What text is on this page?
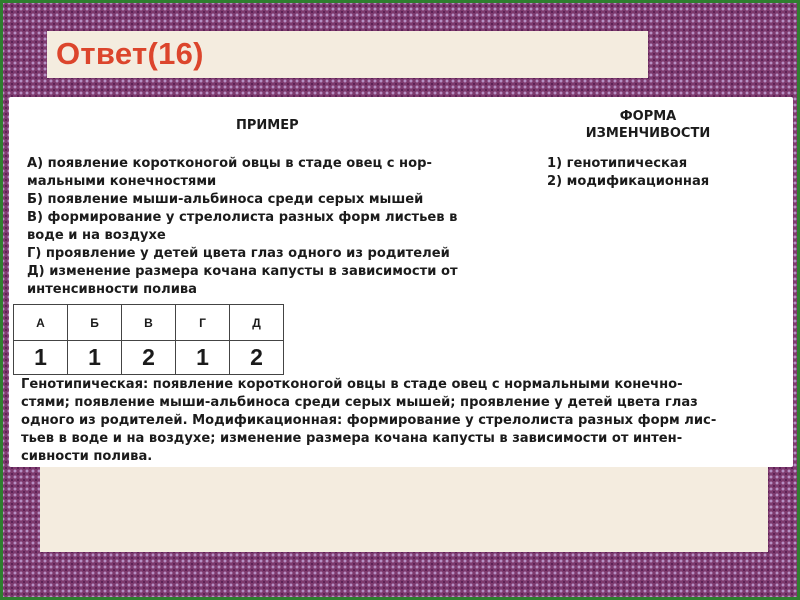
Ответ(16)
ПРИМЕР
ФОРМА
ИЗМЕНЧИВОСТИ
А) появление коротконогой овцы в стаде овец с нор-
мальными конечностями
Б) появление мыши-альбиноса среди серых мышей
В) формирование у стрелолиста разных форм листьев в
воде и на воздухе
Г) проявление у детей цвета глаз одного из родителей
Д) изменение размера кочана капусты в зависимости от
интенсивности полива
1) генотипическая
2) модификационная
А	Б	В	Г	Д
1	1	2	1	2

Генотипическая: появление коротконогой овцы в стаде овец с нормальными конечно-
стями; появление мыши-альбиноса среди серых мышей; проявление у детей цвета глаз
одного из родителей. Модификационная: формирование у стрелолиста разных форм лис-
тьев в воде и на воздухе; изменение размера кочана капусты в зависимости от интен-
сивности полива.
